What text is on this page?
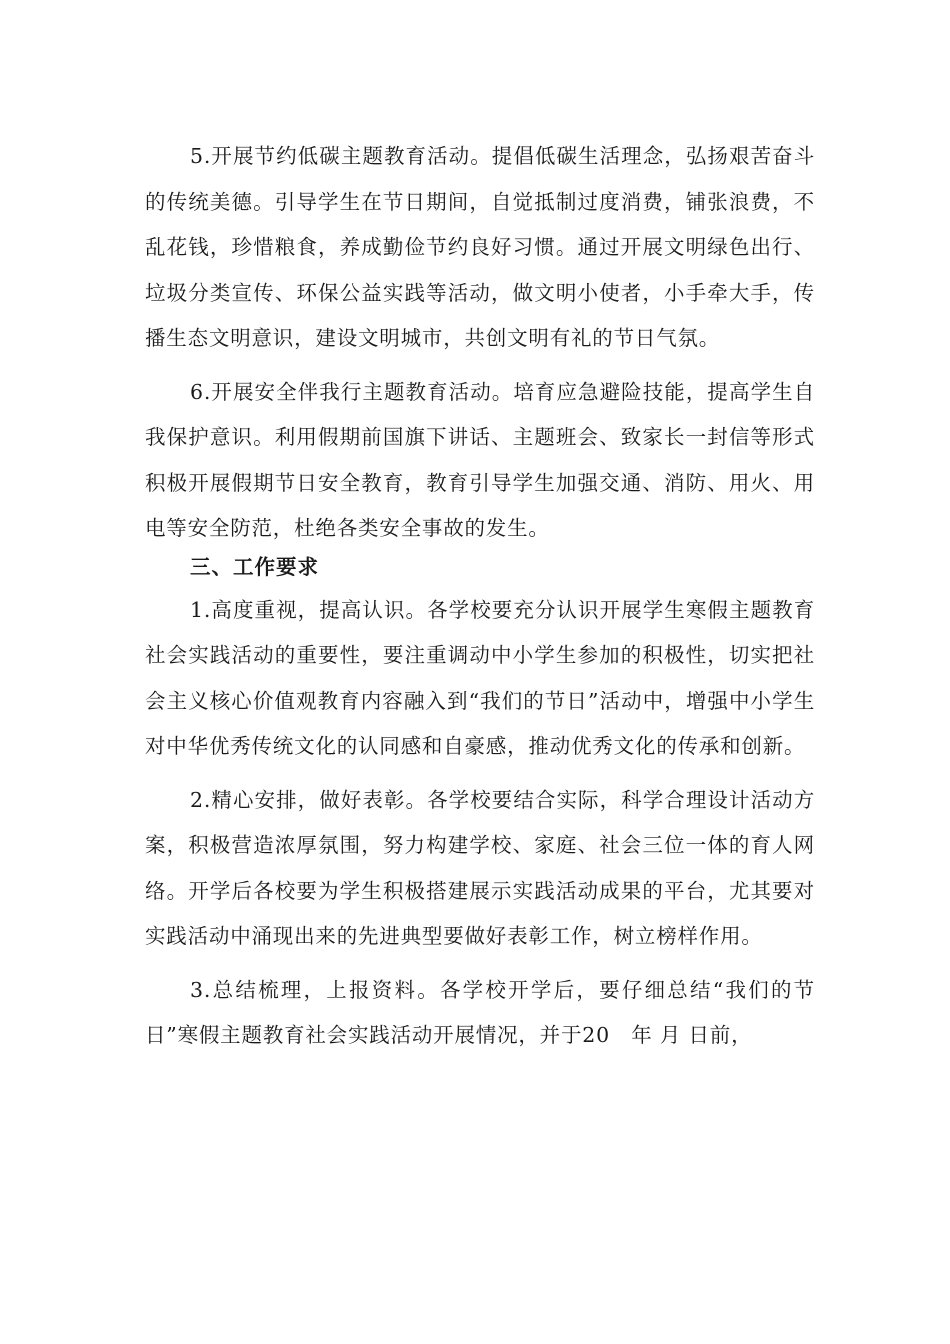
5.开展节约低碳主题教育活动。提倡低碳生活理念，弘扬艰苦奋斗的传统美德。引导学生在节日期间，自觉抵制过度消费，铺张浪费，不乱花钱，珍惜粮食，养成勤俭节约良好习惯。通过开展文明绿色出行、垃圾分类宣传、环保公益实践等活动，做文明小使者，小手牵大手，传播生态文明意识，建设文明城市，共创文明有礼的节日气氛。

6.开展安全伴我行主题教育活动。培育应急避险技能，提高学生自我保护意识。利用假期前国旗下讲话、主题班会、致家长一封信等形式积极开展假期节日安全教育，教育引导学生加强交通、消防、用火、用电等安全防范，杜绝各类安全事故的发生。

三、工作要求

1.高度重视，提高认识。各学校要充分认识开展学生寒假主题教育社会实践活动的重要性，要注重调动中小学生参加的积极性，切实把社会主义核心价值观教育内容融入到“我们的节日”活动中，增强中小学生对中华优秀传统文化的认同感和自豪感，推动优秀文化的传承和创新。

2.精心安排，做好表彰。各学校要结合实际，科学合理设计活动方案，积极营造浓厚氛围，努力构建学校、家庭、社会三位一体的育人网络。开学后各校要为学生积极搭建展示实践活动成果的平台，尤其要对实践活动中涌现出来的先进典型要做好表彰工作，树立榜样作用。

3.总结梳理，上报资料。各学校开学后，要仔细总结“我们的节日”寒假主题教育社会实践活动开展情况，并于20　年 月 日前，
